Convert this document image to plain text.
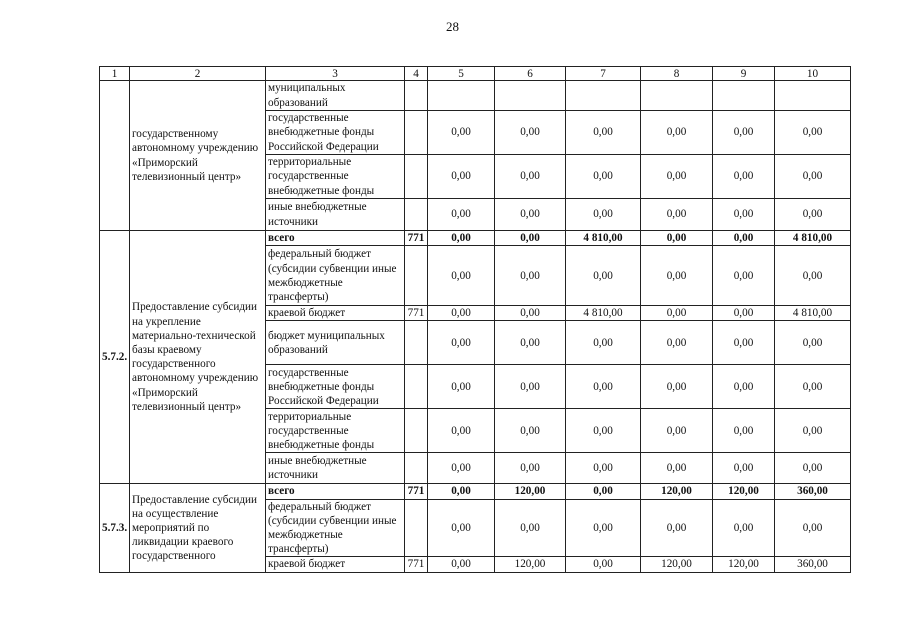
28
1	2	3	4	5	6	7	8	9	10
	государственному автономному учреждению «Приморский телевизионный центр»	муниципальных образований							
		государственные внебюджетные фонды Российской Федерации		0,00	0,00	0,00	0,00	0,00	0,00
		территориальные государственные внебюджетные фонды		0,00	0,00	0,00	0,00	0,00	0,00
		иные внебюджетные источники		0,00	0,00	0,00	0,00	0,00	0,00
5.7.2.	Предоставление субсидии на укрепление материально-технической базы краевому государственного автономному учреждению «Приморский телевизионный центр»	всего	771	0,00	0,00	4 810,00	0,00	0,00	4 810,00
		федеральный бюджет (субсидии субвенции иные межбюджетные трансферты)		0,00	0,00	0,00	0,00	0,00	0,00
		краевой бюджет	771	0,00	0,00	4 810,00	0,00	0,00	4 810,00
		бюджет муниципальных образований		0,00	0,00	0,00	0,00	0,00	0,00
		государственные внебюджетные фонды Российской Федерации		0,00	0,00	0,00	0,00	0,00	0,00
		территориальные государственные внебюджетные фонды		0,00	0,00	0,00	0,00	0,00	0,00
		иные внебюджетные источники		0,00	0,00	0,00	0,00	0,00	0,00
5.7.3.	Предоставление субсидии на осуществление мероприятий по ликвидации краевого государственного	всего	771	0,00	120,00	0,00	120,00	120,00	360,00
		федеральный бюджет (субсидии субвенции иные межбюджетные трансферты)		0,00	0,00	0,00	0,00	0,00	0,00
		краевой бюджет	771	0,00	120,00	0,00	120,00	120,00	360,00
